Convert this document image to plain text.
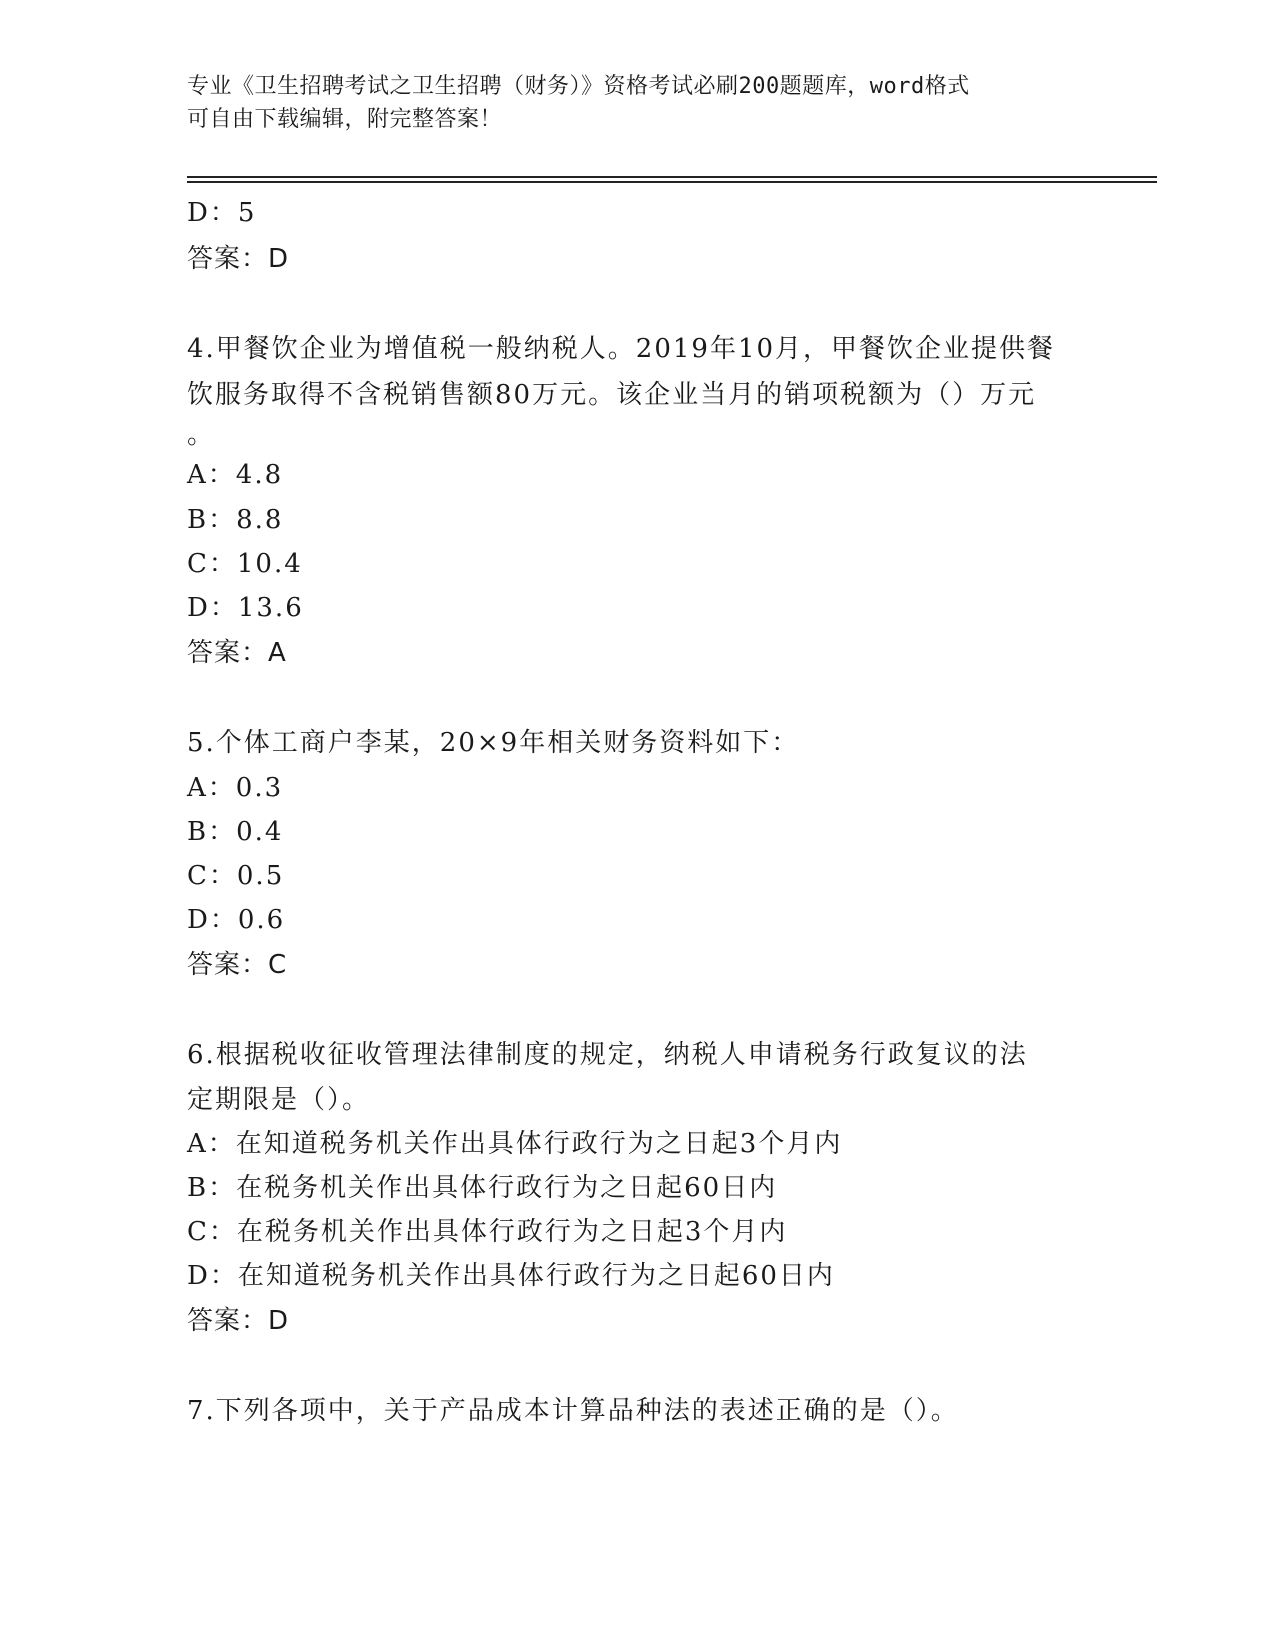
专业《卫生招聘考试之卫生招聘（财务）》资格考试必刷200题题库，word格式
可自由下载编辑，附完整答案！
D：5
答案：D
4.甲餐饮企业为增值税一般纳税人。2019年10月，甲餐饮企业提供餐
饮服务取得不含税销售额80万元。该企业当月的销项税额为（）万元
。
A：4.8
B：8.8
C：10.4
D：13.6
答案：A
5.个体工商户李某，20×9年相关财务资料如下：
A：0.3
B：0.4
C：0.5
D：0.6
答案：C
6.根据税收征收管理法律制度的规定，纳税人申请税务行政复议的法
定期限是（）。
A：在知道税务机关作出具体行政行为之日起3个月内
B：在税务机关作出具体行政行为之日起60日内
C：在税务机关作出具体行政行为之日起3个月内
D：在知道税务机关作出具体行政行为之日起60日内
答案：D
7.下列各项中，关于产品成本计算品种法的表述正确的是（）。
